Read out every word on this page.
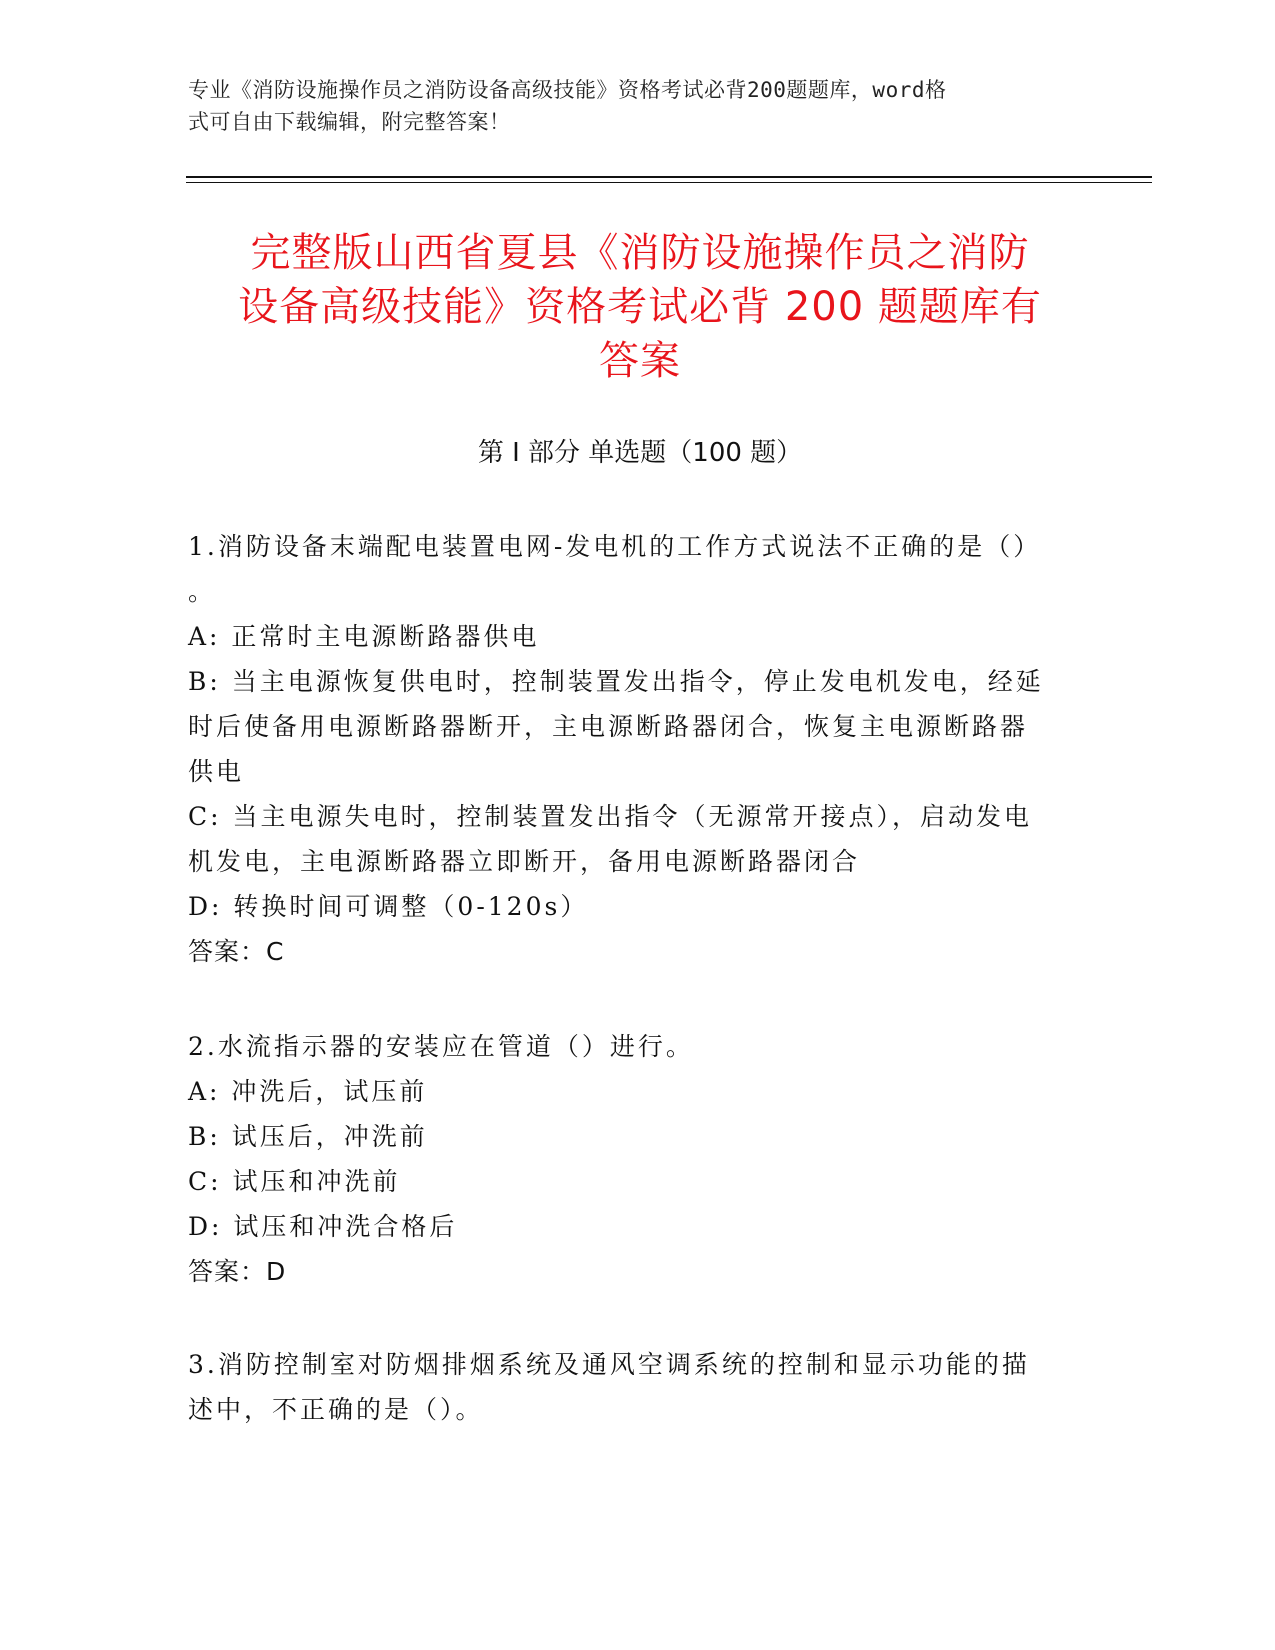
专业《消防设施操作员之消防设备高级技能》资格考试必背200题题库，word格
式可自由下载编辑，附完整答案！
完整版山西省夏县《消防设施操作员之消防
设备高级技能》资格考试必背 200 题题库有
答案
第 I 部分 单选题（100 题）
1.消防设备末端配电装置电网-发电机的工作方式说法不正确的是（）
。
A: 正常时主电源断路器供电
B: 当主电源恢复供电时，控制装置发出指令，停止发电机发电，经延
时后使备用电源断路器断开，主电源断路器闭合，恢复主电源断路器
供电
C: 当主电源失电时，控制装置发出指令（无源常开接点），启动发电
机发电，主电源断路器立即断开，备用电源断路器闭合
D: 转换时间可调整（0-120s）
答案：C
2.水流指示器的安装应在管道（）进行。
A: 冲洗后，试压前
B: 试压后，冲洗前
C: 试压和冲洗前
D: 试压和冲洗合格后
答案：D
3.消防控制室对防烟排烟系统及通风空调系统的控制和显示功能的描
述中，不正确的是（）。
